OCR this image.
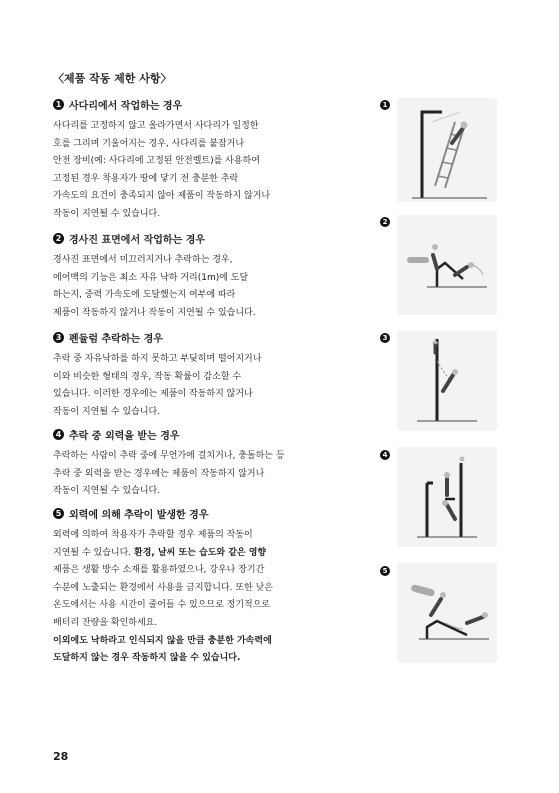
〈제품 작동 제한 사항〉
1 사다리에서 작업하는 경우

사다리를 고정하지 않고 올라가면서 사다리가 일정한
호를 그리며 기울어지는 경우, 사다리를 붙잡거나
안전 장비(예: 사다리에 고정된 안전벨트)를 사용하여
고정된 경우 착용자가 땅에 닿기 전 충분한 추락
가속도의 요건이 충족되지 않아 제품이 작동하지 않거나
작동이 지연될 수 있습니다.

2 경사진 표면에서 작업하는 경우

경사진 표면에서 미끄러지거나 추락하는 경우,
에어백의 기능은 최소 자유 낙하 거리(1m)에 도달
하는지, 중력 가속도에 도달했는지 여부에 따라
제품이 작동하지 않거나 작동이 지연될 수 있습니다.

3 펜듈럼 추락하는 경우

추락 중 자유낙하를 하지 못하고 부딪히며 떨어지거나
이와 비슷한 형태의 경우, 작동 확률이 감소할 수
있습니다. 이러한 경우에는 제품이 작동하지 않거나
작동이 지연될 수 있습니다.

4 추락 중 외력을 받는 경우

추락하는 사람이 추락 중에 무언가에 걸치거나, 충돌하는 등
추락 중 외력을 받는 경우에는 제품이 작동하지 않거나
작동이 지연될 수 있습니다.

5 외력에 의해 추락이 발생한 경우

외력에 의하여 착용자가 추락할 경우 제품의 작동이
지연될 수 있습니다. 환경, 날씨 또는 습도와 같은 영향
제품은 생활 방수 소재를 활용하였으나, 강우나 장기간
수분에 노출되는 환경에서 사용을 금지합니다. 또한 낮은
온도에서는 사용 시간이 줄어들 수 있으므로 정기적으로
배터리 잔량을 확인하세요.

이외에도 낙하라고 인식되지 않을 만큼 충분한 가속력에
도달하지 않는 경우 작동하지 않을 수 있습니다.

1
2
3
4
5
28
